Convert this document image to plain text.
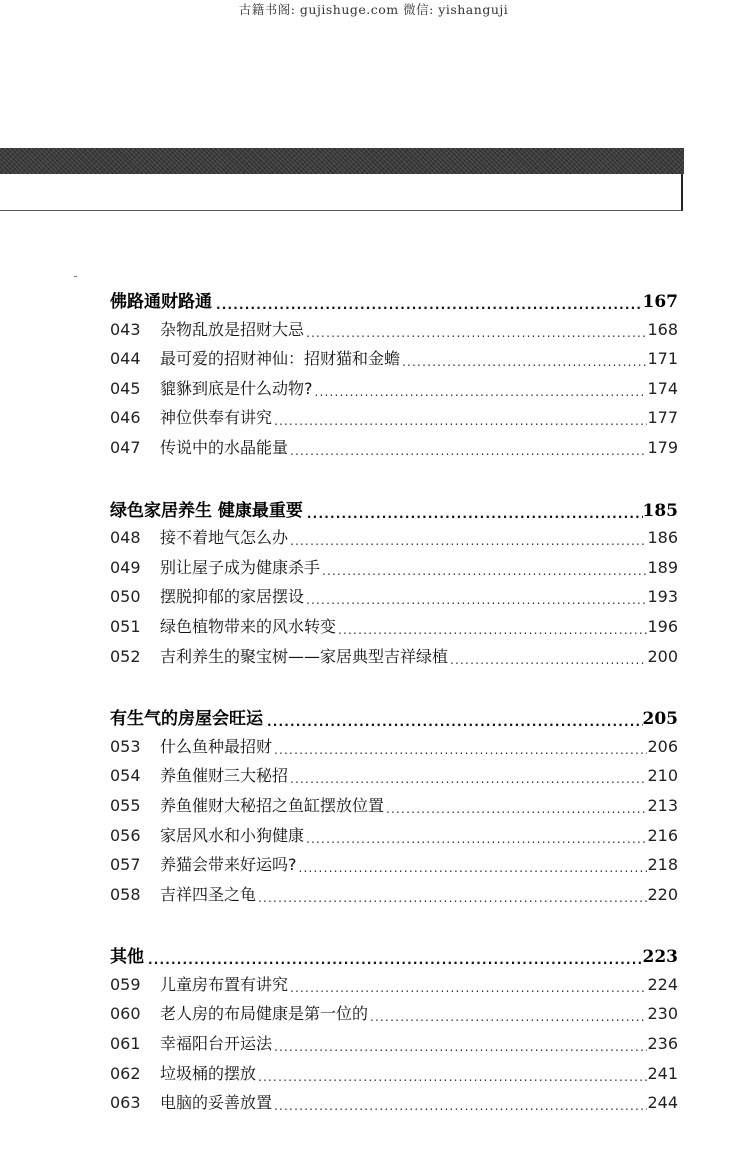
古籍书阁: gujishuge.com 微信: yishanguji
佛路通财路通 .....	167
043	杂物乱放是招财大忌 .....	168
044	最可爱的招财神仙：招财猫和金蟾 .....	171
045	貔貅到底是什么动物? .....	174
046	神位供奉有讲究 .....	177
047	传说中的水晶能量 .....	179
绿色家居养生 健康最重要 .....	185
048	接不着地气怎么办 .....	186
049	别让屋子成为健康杀手 .....	189
050	摆脱抑郁的家居摆设 .....	193
051	绿色植物带来的风水转变 .....	196
052	吉利养生的聚宝树——家居典型吉祥绿植 .....	200
有生气的房屋会旺运 .....	205
053	什么鱼种最招财 .....	206
054	养鱼催财三大秘招 .....	210
055	养鱼催财大秘招之鱼缸摆放位置 .....	213
056	家居风水和小狗健康 .....	216
057	养猫会带来好运吗? .....	218
058	吉祥四圣之龟 .....	220
其他 .....	223
059	儿童房布置有讲究 .....	224
060	老人房的布局健康是第一位的 .....	230
061	幸福阳台开运法 .....	236
062	垃圾桶的摆放 .....	241
063	电脑的妥善放置 .....	244
